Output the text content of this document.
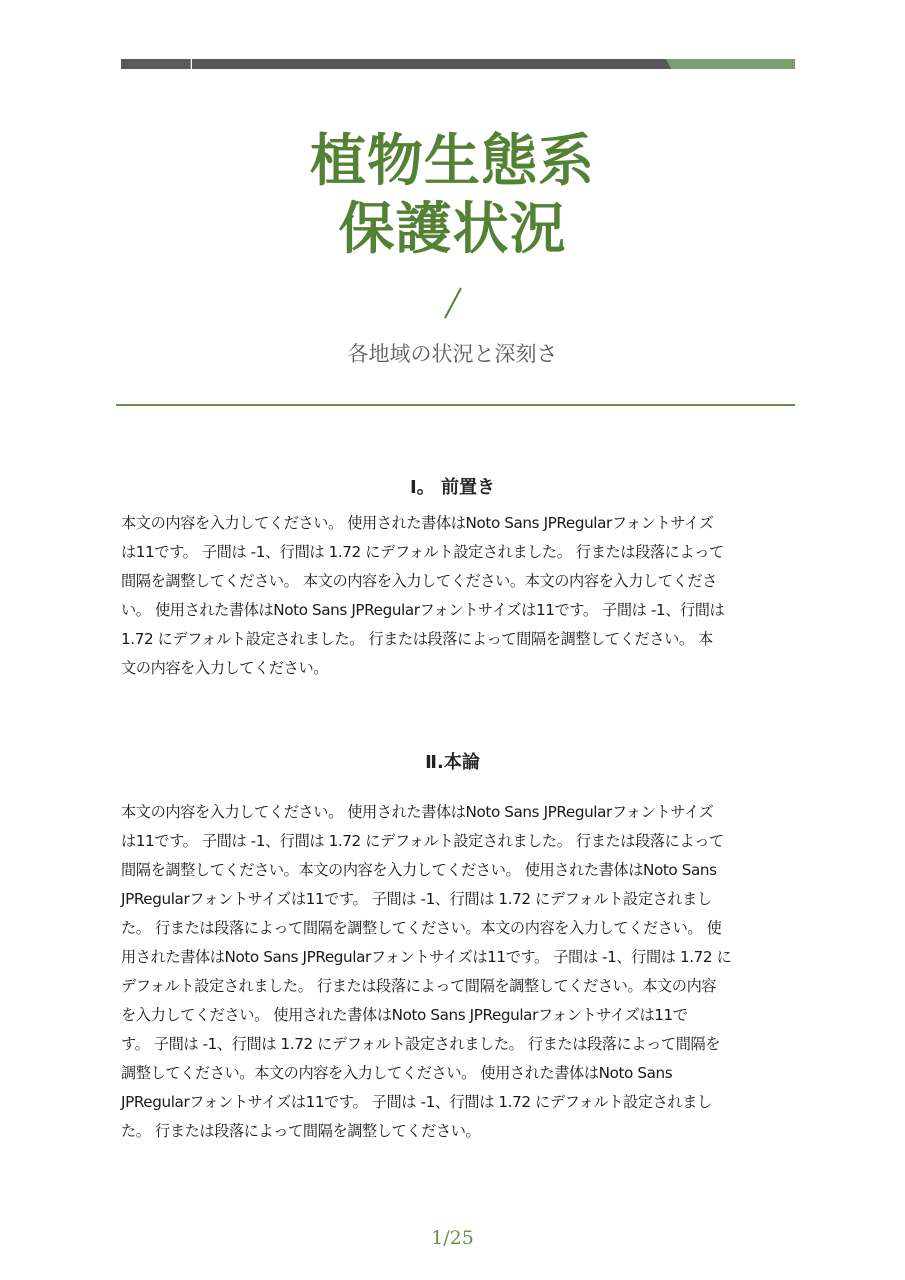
植物生態系
保護状況
各地域の状況と深刻さ
Ⅰ。 前置き
本文の内容を入力してください。 使用された書体はNoto Sans JPRegularフォントサイズ
は11です。 子間は -1、行間は 1.72 にデフォルト設定されました。 行または段落によって
間隔を調整してください。 本文の内容を入力してください。本文の内容を入力してくださ
い。 使用された書体はNoto Sans JPRegularフォントサイズは11です。 子間は -1、行間は
1.72 にデフォルト設定されました。 行または段落によって間隔を調整してください。 本
文の内容を入力してください。
Ⅱ.本論
本文の内容を入力してください。 使用された書体はNoto Sans JPRegularフォントサイズ
は11です。 子間は -1、行間は 1.72 にデフォルト設定されました。 行または段落によって
間隔を調整してください。本文の内容を入力してください。 使用された書体はNoto Sans
JPRegularフォントサイズは11です。 子間は -1、行間は 1.72 にデフォルト設定されまし
た。 行または段落によって間隔を調整してください。本文の内容を入力してください。 使
用された書体はNoto Sans JPRegularフォントサイズは11です。 子間は -1、行間は 1.72 に
デフォルト設定されました。 行または段落によって間隔を調整してください。本文の内容
を入力してください。 使用された書体はNoto Sans JPRegularフォントサイズは11で
す。 子間は -1、行間は 1.72 にデフォルト設定されました。 行または段落によって間隔を
調整してください。本文の内容を入力してください。 使用された書体はNoto Sans
JPRegularフォントサイズは11です。 子間は -1、行間は 1.72 にデフォルト設定されまし
た。 行または段落によって間隔を調整してください。
1/25
